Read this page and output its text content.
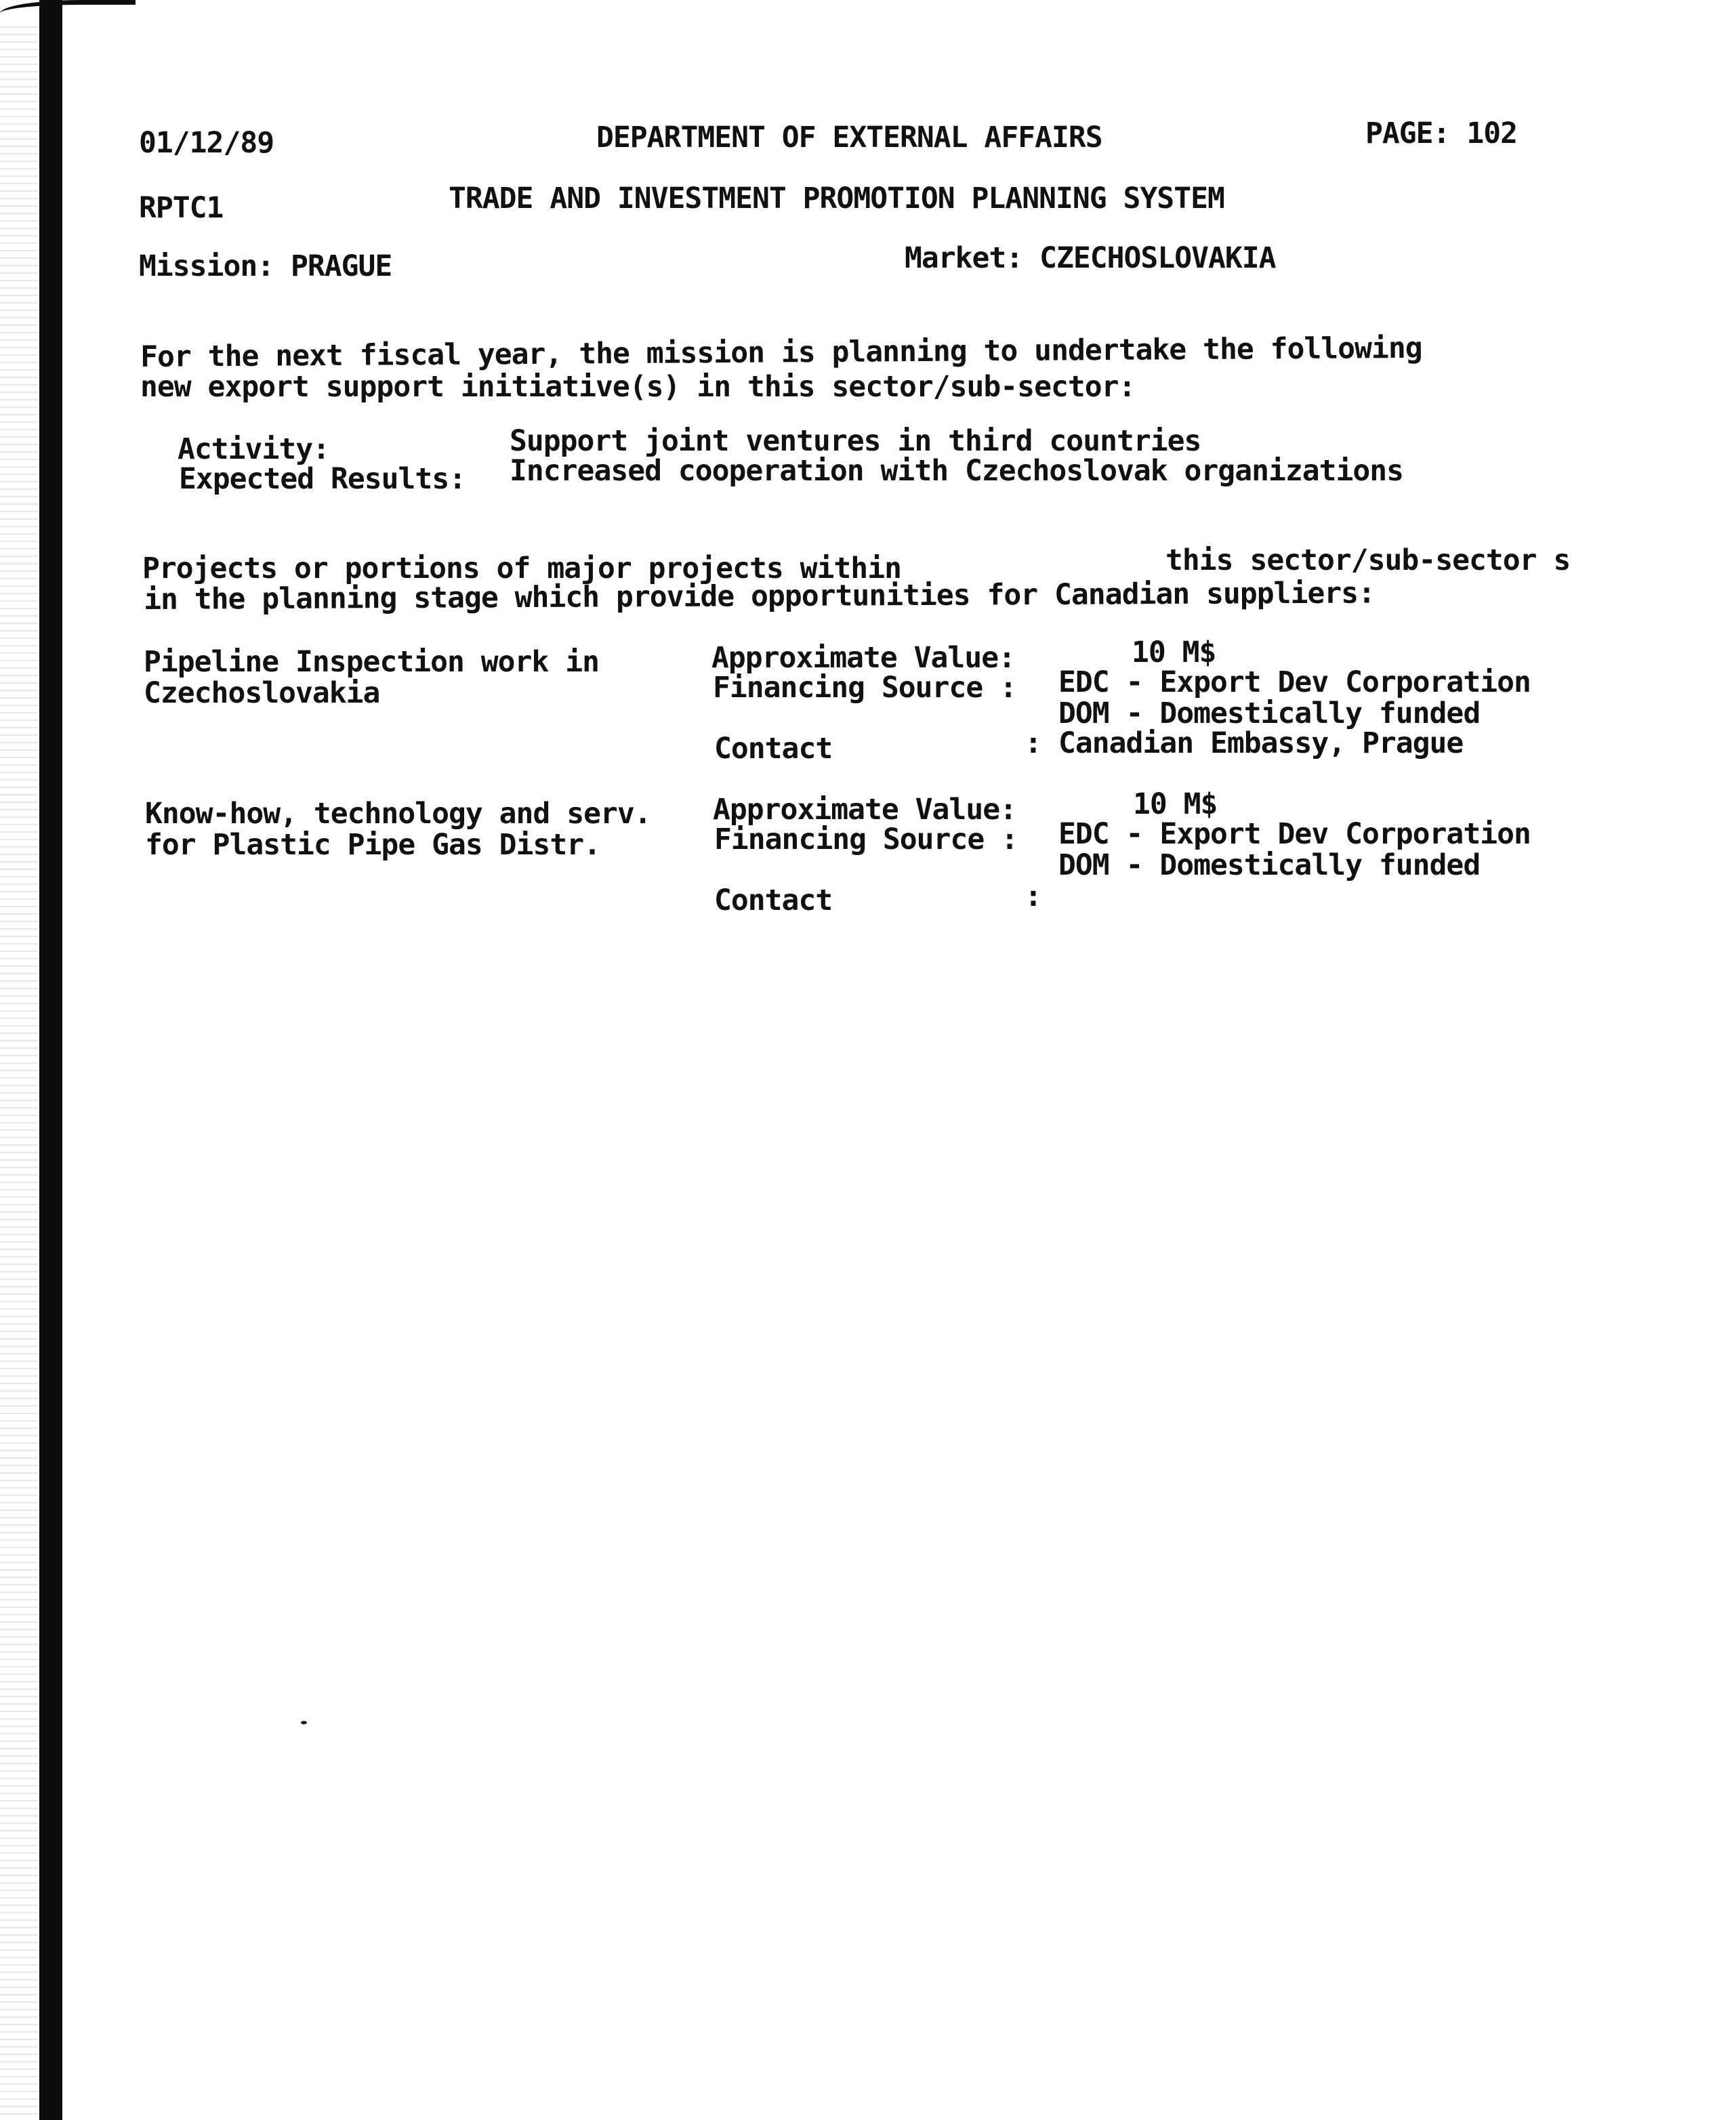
01/12/89	DEPARTMENT OF EXTERNAL AFFAIRS	PAGE: 102
RPTC1	TRADE AND INVESTMENT PROMOTION PLANNING SYSTEM
Mission: PRAGUE	Market: CZECHOSLOVAKIA
For the next fiscal year, the mission is planning to undertake the following
new export support initiative(s) in this sector/sub-sector:
Activity:	Support joint ventures in third countries
Expected Results: Increased cooperation with Czechoslovak organizations
Projects or portions of major projects within	this sector/sub-sector s
in the planning stage which provide opportunities for Canadian suppliers:
Pipeline Inspection work in
Czechoslovakia
Approximate Value:	10 M$
Financing Source : EDC - Export Dev Corporation
DOM - Domestically funded
Contact	: Canadian Embassy, Prague
Know-how, technology and serv.
for Plastic Pipe Gas Distr.
Approximate Value:	10 M$
Financing Source : EDC - Export Dev Corporation
DOM - Domestically funded
Contact	:
